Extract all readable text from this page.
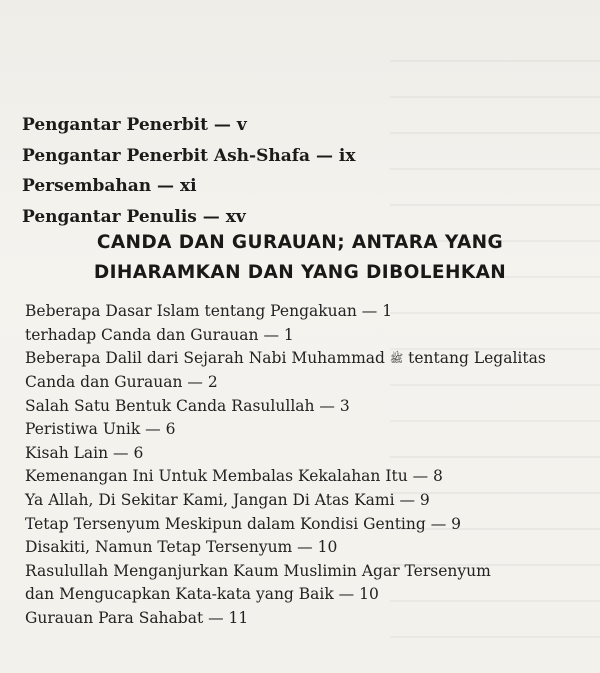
Pengantar Penerbit — v
Pengantar Penerbit Ash-Shafa — ix
Persembahan — xi
Pengantar Penulis — xv
CANDA DAN GURAUAN; ANTARA YANG
DIHARAMKAN DAN YANG DIBOLEHKAN
Beberapa Dasar Islam tentang Pengakuan — 1
terhadap Canda dan Gurauan — 1
Beberapa Dalil dari Sejarah Nabi Muhammad ﷺ tentang Legalitas
Canda dan Gurauan — 2
Salah Satu Bentuk Canda Rasulullah — 3
Peristiwa Unik — 6
Kisah Lain — 6
Kemenangan Ini Untuk Membalas Kekalahan Itu — 8
Ya Allah, Di Sekitar Kami, Jangan Di Atas Kami — 9
Tetap Tersenyum Meskipun dalam Kondisi Genting — 9
Disakiti, Namun Tetap Tersenyum — 10
Rasulullah Menganjurkan Kaum Muslimin Agar Tersenyum
dan Mengucapkan Kata-kata yang Baik — 10
Gurauan Para Sahabat — 11
